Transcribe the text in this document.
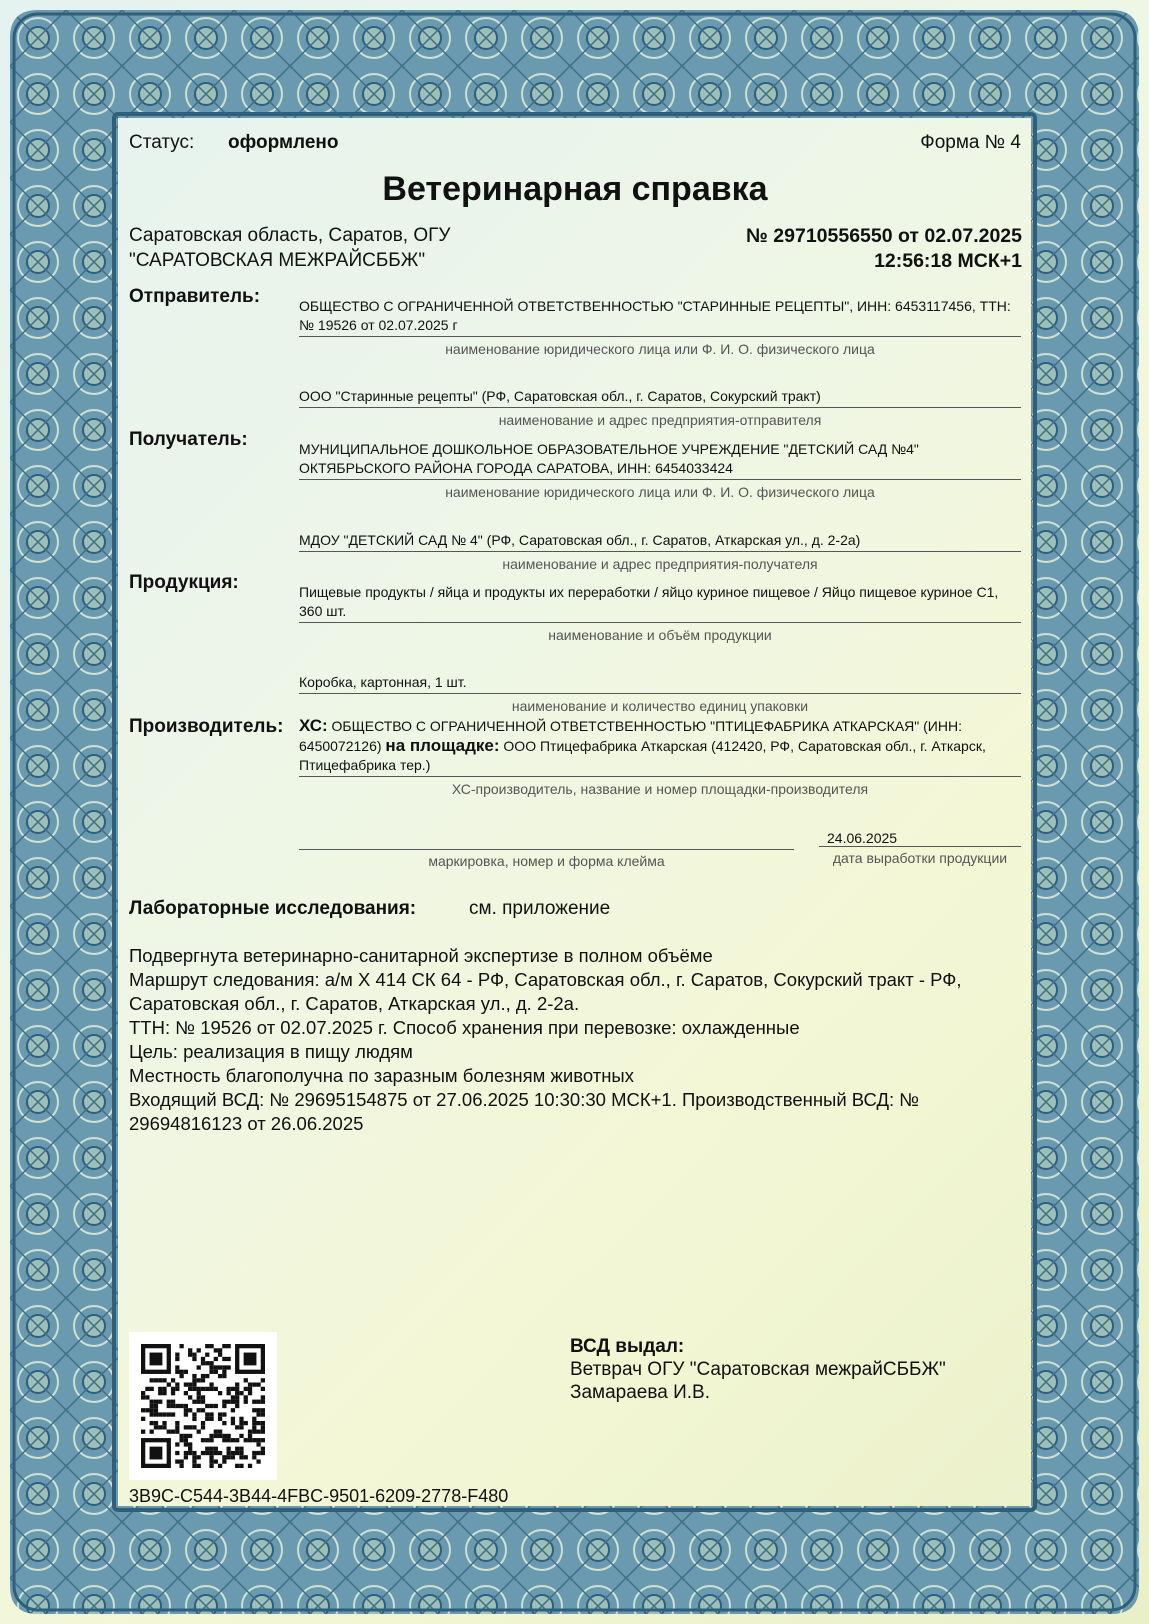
Статус: оформлено	Форма № 4
Ветеринарная справка
Саратовская область, Саратов, ОГУ
"САРАТОВСКАЯ МЕЖРАЙСББЖ"
№ 29710556550 от 02.07.2025
12:56:18 МСК+1
Отправитель:	ОБЩЕСТВО С ОГРАНИЧЕННОЙ ОТВЕТСТВЕННОСТЬЮ "СТАРИННЫЕ РЕЦЕПТЫ", ИНН: 6453117456, ТТН: № 19526 от 02.07.2025 г
наименование юридического лица или Ф. И. О. физического лица
ООО "Старинные рецепты" (РФ, Саратовская обл., г. Саратов, Сокурский тракт)
наименование и адрес предприятия-отправителя
Получатель:	МУНИЦИПАЛЬНОЕ ДОШКОЛЬНОЕ ОБРАЗОВАТЕЛЬНОЕ УЧРЕЖДЕНИЕ "ДЕТСКИЙ САД №4" ОКТЯБРЬСКОГО РАЙОНА ГОРОДА САРАТОВА, ИНН: 6454033424
наименование юридического лица или Ф. И. О. физического лица
МДОУ "ДЕТСКИЙ САД № 4" (РФ, Саратовская обл., г. Саратов, Аткарская ул., д. 2-2а)
наименование и адрес предприятия-получателя
Продукция:	Пищевые продукты / яйца и продукты их переработки / яйцо куриное пищевое / Яйцо пищевое куриное С1, 360 шт.
наименование и объём продукции
Коробка, картонная, 1 шт.
наименование и количество единиц упаковки
Производитель: ХС: ОБЩЕСТВО С ОГРАНИЧЕННОЙ ОТВЕТСТВЕННОСТЬЮ "ПТИЦЕФАБРИКА АТКАРСКАЯ" (ИНН: 6450072126) на площадке: ООО Птицефабрика Аткарская (412420, РФ, Саратовская обл., г. Аткарск, Птицефабрика тер.)
ХС-производитель, название и номер площадки-производителя
маркировка, номер и форма клейма
24.06.2025
дата выработки продукции
Лабораторные исследования:	см. приложение
Подвергнута ветеринарно-санитарной экспертизе в полном объёме
Маршрут следования: а/м Х 414 СК 64 - РФ, Саратовская обл., г. Саратов, Сокурский тракт - РФ, Саратовская обл., г. Саратов, Аткарская ул., д. 2-2а.
ТТН: № 19526 от 02.07.2025 г. Способ хранения при перевозке: охлажденные
Цель: реализация в пищу людям
Местность благополучна по заразным болезням животных
Входящий ВСД: № 29695154875 от 27.06.2025 10:30:30 МСК+1. Производственный ВСД: № 29694816123 от 26.06.2025
ВСД выдал:
Ветврач ОГУ "Саратовская межрайСББЖ"
Замараева И.В.
3B9C-C544-3B44-4FBC-9501-6209-2778-F480
